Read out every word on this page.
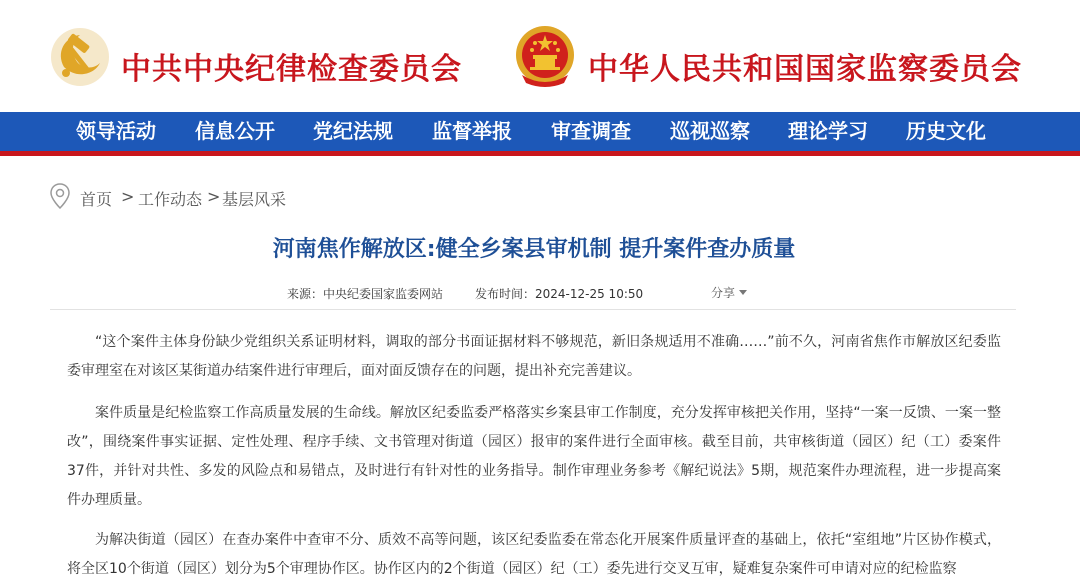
中共中央纪律检查委员会	中华人民共和国国家监察委员会
领导活动 信息公开 党纪法规 监督举报 审查调查 巡视巡察 理论学习 历史文化
首页 > 工作动态 > 基层风采
河南焦作解放区:健全乡案县审机制 提升案件查办质量
来源：中央纪委国家监委网站	发布时间：2024-12-25 10:50	分享

“这个案件主体身份缺少党组织关系证明材料，调取的部分书面证据材料不够规范，新旧条规适用不准确……”前不久，河南省焦作市解放区纪委监委审理室在对该区某街道办结案件进行审理后，面对面反馈存在的问题，提出补充完善建议。

案件质量是纪检监察工作高质量发展的生命线。解放区纪委监委严格落实乡案县审工作制度，充分发挥审核把关作用，坚持“一案一反馈、一案一整改”，围绕案件事实证据、定性处理、程序手续、文书管理对街道（园区）报审的案件进行全面审核。截至目前，共审核街道（园区）纪（工）委案件37件，并针对共性、多发的风险点和易错点，及时进行有针对性的业务指导。制作审理业务参考《解纪说法》5期，规范案件办理流程，进一步提高案件办理质量。

为解决街道（园区）在查办案件中查审不分、质效不高等问题，该区纪委监委在常态化开展案件质量评查的基础上，依托“室组地”片区协作模式，将全区10个街道（园区）划分为5个审理协作区。协作区内的2个街道（园区）纪（工）委先进行交叉互审，疑难复杂案件可申请对应的纪检监察
